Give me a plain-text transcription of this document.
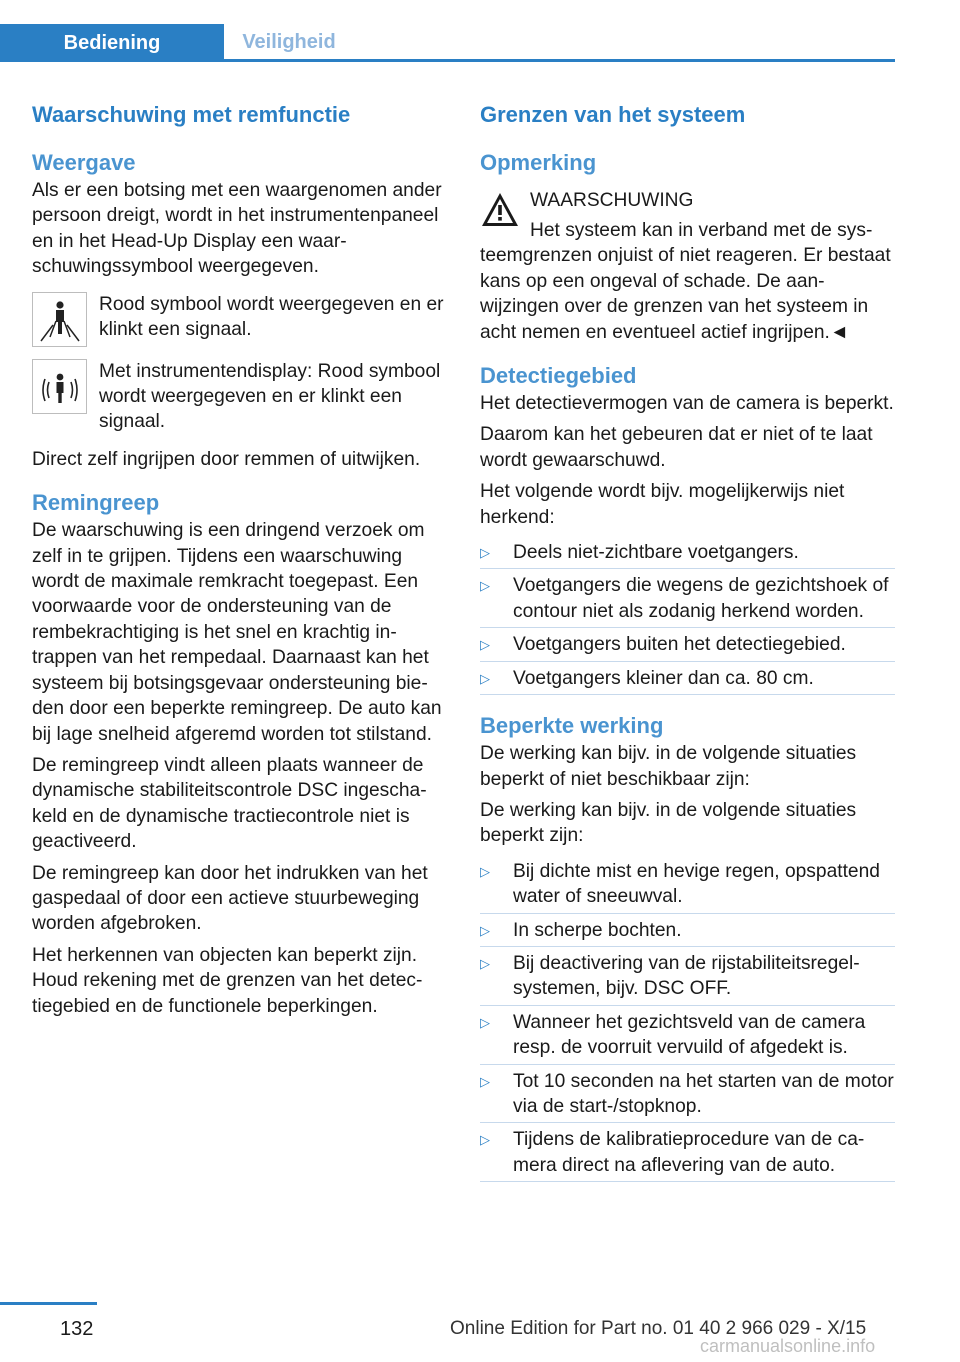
Bediening	Veiligheid
Waarschuwing met remfunctie
Weergave

Als er een botsing met een waargenomen ander persoon dreigt, wordt in het instrumentenpaneel en in het Head-Up Display een waarschuwingssymbool weergegeven.

Rood symbool wordt weergegeven en er klinkt een signaal.
Met instrumentendisplay: Rood symbool wordt weergegeven en er klinkt een signaal.

Direct zelf ingrijpen door remmen of uitwijken.

Remingreep

De waarschuwing is een dringend verzoek om zelf in te grijpen. Tijdens een waarschuwing wordt de maximale remkracht toegepast. Een voorwaarde voor de ondersteuning van de rembekrachtiging is het snel en krachtig intrappen van het rempedaal. Daarnaast kan het systeem bij botsingsgevaar ondersteuning bieden door een beperkte remingreep. De auto kan bij lage snelheid afgeremd worden tot stilstand.

De remingreep vindt alleen plaats wanneer de dynamische stabiliteitscontrole DSC ingeschakeld en de dynamische tractiecontrole niet is geactiveerd.

De remingreep kan door het indrukken van het gaspedaal of door een actieve stuurbeweging worden afgebroken.

Het herkennen van objecten kan beperkt zijn. Houd rekening met de grenzen van het detectiegebied en de functionele beperkingen.

Grenzen van het systeem
Opmerking
WAARSCHUWING

Het systeem kan in verband met de systeemgrenzen onjuist of niet reageren. Er bestaat kans op een ongeval of schade. De aanwijzingen over de grenzen van het systeem in acht nemen en eventueel actief ingrijpen.◄

Detectiegebied

Het detectievermogen van de camera is beperkt.

Daarom kan het gebeuren dat er niet of te laat wordt gewaarschuwd.

Het volgende wordt bijv. mogelijkerwijs niet herkend:

▷	Deels niet-zichtbare voetgangers.
▷	Voetgangers die wegens de gezichtshoek of contour niet als zodanig herkend worden.
▷	Voetgangers buiten het detectiegebied.
▷	Voetgangers kleiner dan ca. 80 cm.
Beperkte werking

De werking kan bijv. in de volgende situaties beperkt of niet beschikbaar zijn:

De werking kan bijv. in de volgende situaties beperkt zijn:

▷	Bij dichte mist en hevige regen, opspattend water of sneeuwval.
▷	In scherpe bochten.
▷	Bij deactivering van de rijstabiliteitsregelsystemen, bijv. DSC OFF.
▷	Wanneer het gezichtsveld van de camera resp. de voorruit vervuild of afgedekt is.
▷	Tot 10 seconden na het starten van de motor via de start-/stopknop.
▷	Tijdens de kalibratieprocedure van de camera direct na aflevering van de auto.
132	Online Edition for Part no. 01 40 2 966 029 - X/15
carmanualsonline.info
